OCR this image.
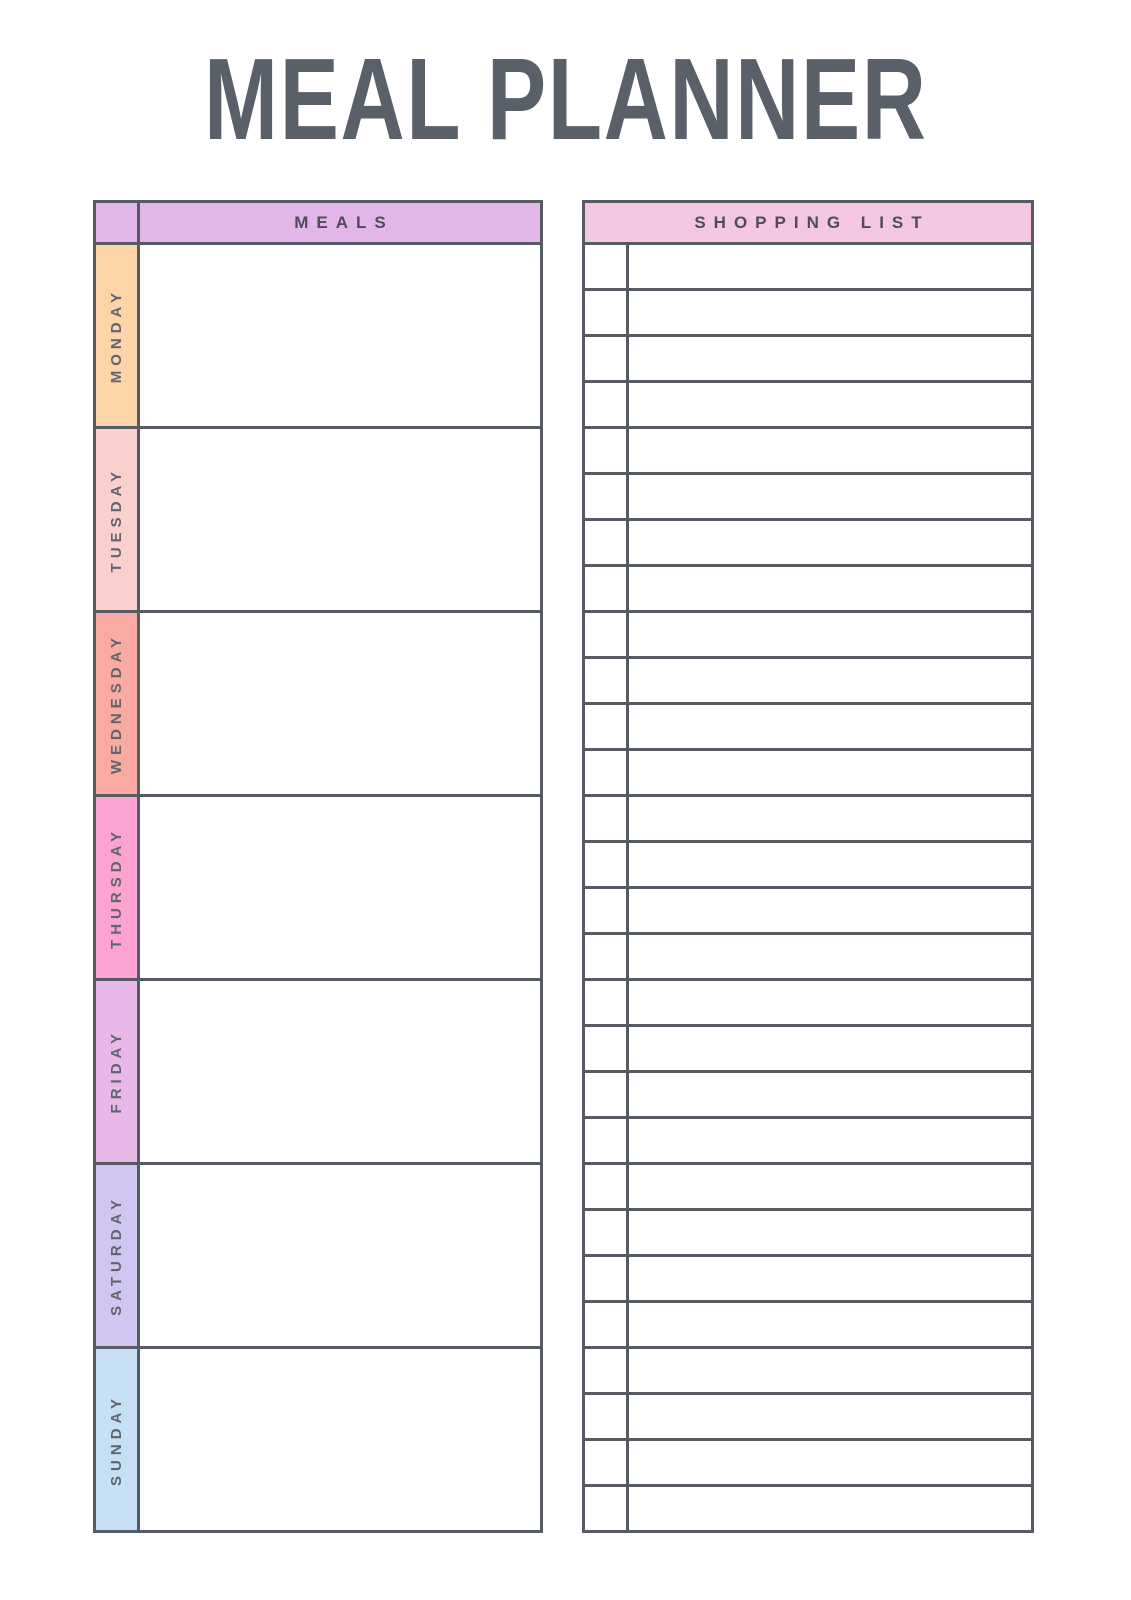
MEAL PLANNER
MEALS
MONDAY
TUESDAY
WEDNESDAY
THURSDAY
FRIDAY
SATURDAY
SUNDAY
SHOPPING LIST
